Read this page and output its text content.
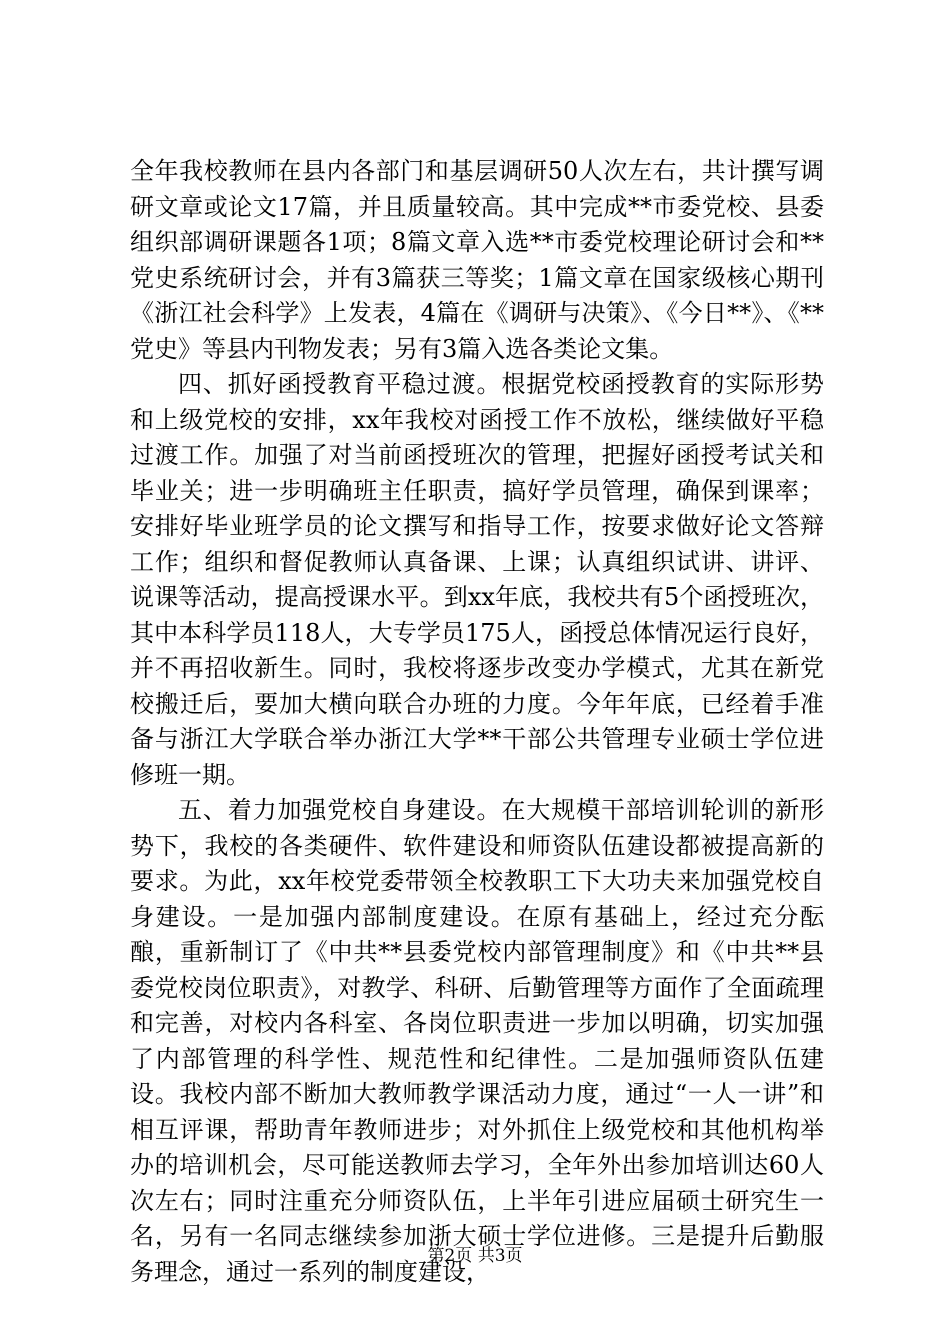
全年我校教师在县内各部门和基层调研50人次左右，共计撰写调研文章或论文17篇，并且质量较高。其中完成**市委党校、县委组织部调研课题各1项；8篇文章入选**市委党校理论研讨会和**党史系统研讨会，并有3篇获三等奖；1篇文章在国家级核心期刊《浙江社会科学》上发表，4篇在《调研与决策》、《今日**》、《**党史》等县内刊物发表；另有3篇入选各类论文集。

四、抓好函授教育平稳过渡。根据党校函授教育的实际形势和上级党校的安排，xx年我校对函授工作不放松，继续做好平稳过渡工作。加强了对当前函授班次的管理，把握好函授考试关和毕业关；进一步明确班主任职责，搞好学员管理，确保到课率；安排好毕业班学员的论文撰写和指导工作，按要求做好论文答辩工作；组织和督促教师认真备课、上课；认真组织试讲、讲评、说课等活动，提高授课水平。到xx年底，我校共有5个函授班次，其中本科学员118人，大专学员175人，函授总体情况运行良好，并不再招收新生。同时，我校将逐步改变办学模式，尤其在新党校搬迁后，要加大横向联合办班的力度。今年年底，已经着手准备与浙江大学联合举办浙江大学**干部公共管理专业硕士学位进修班一期。

五、着力加强党校自身建设。在大规模干部培训轮训的新形势下，我校的各类硬件、软件建设和师资队伍建设都被提高新的要求。为此，xx年校党委带领全校教职工下大功夫来加强党校自身建设。一是加强内部制度建设。在原有基础上，经过充分酝酿，重新制订了《中共**县委党校内部管理制度》和《中共**县委党校岗位职责》，对教学、科研、后勤管理等方面作了全面疏理和完善，对校内各科室、各岗位职责进一步加以明确，切实加强了内部管理的科学性、规范性和纪律性。二是加强师资队伍建设。我校内部不断加大教师教学课活动力度，通过“一人一讲”和相互评课，帮助青年教师进步；对外抓住上级党校和其他机构举办的培训机会，尽可能送教师去学习，全年外出参加培训达60人次左右；同时注重充分师资队伍，上半年引进应届硕士研究生一名，另有一名同志继续参加浙大硕士学位进修。三是提升后勤服务理念，通过一系列的制度建设，

第2页 共3页
